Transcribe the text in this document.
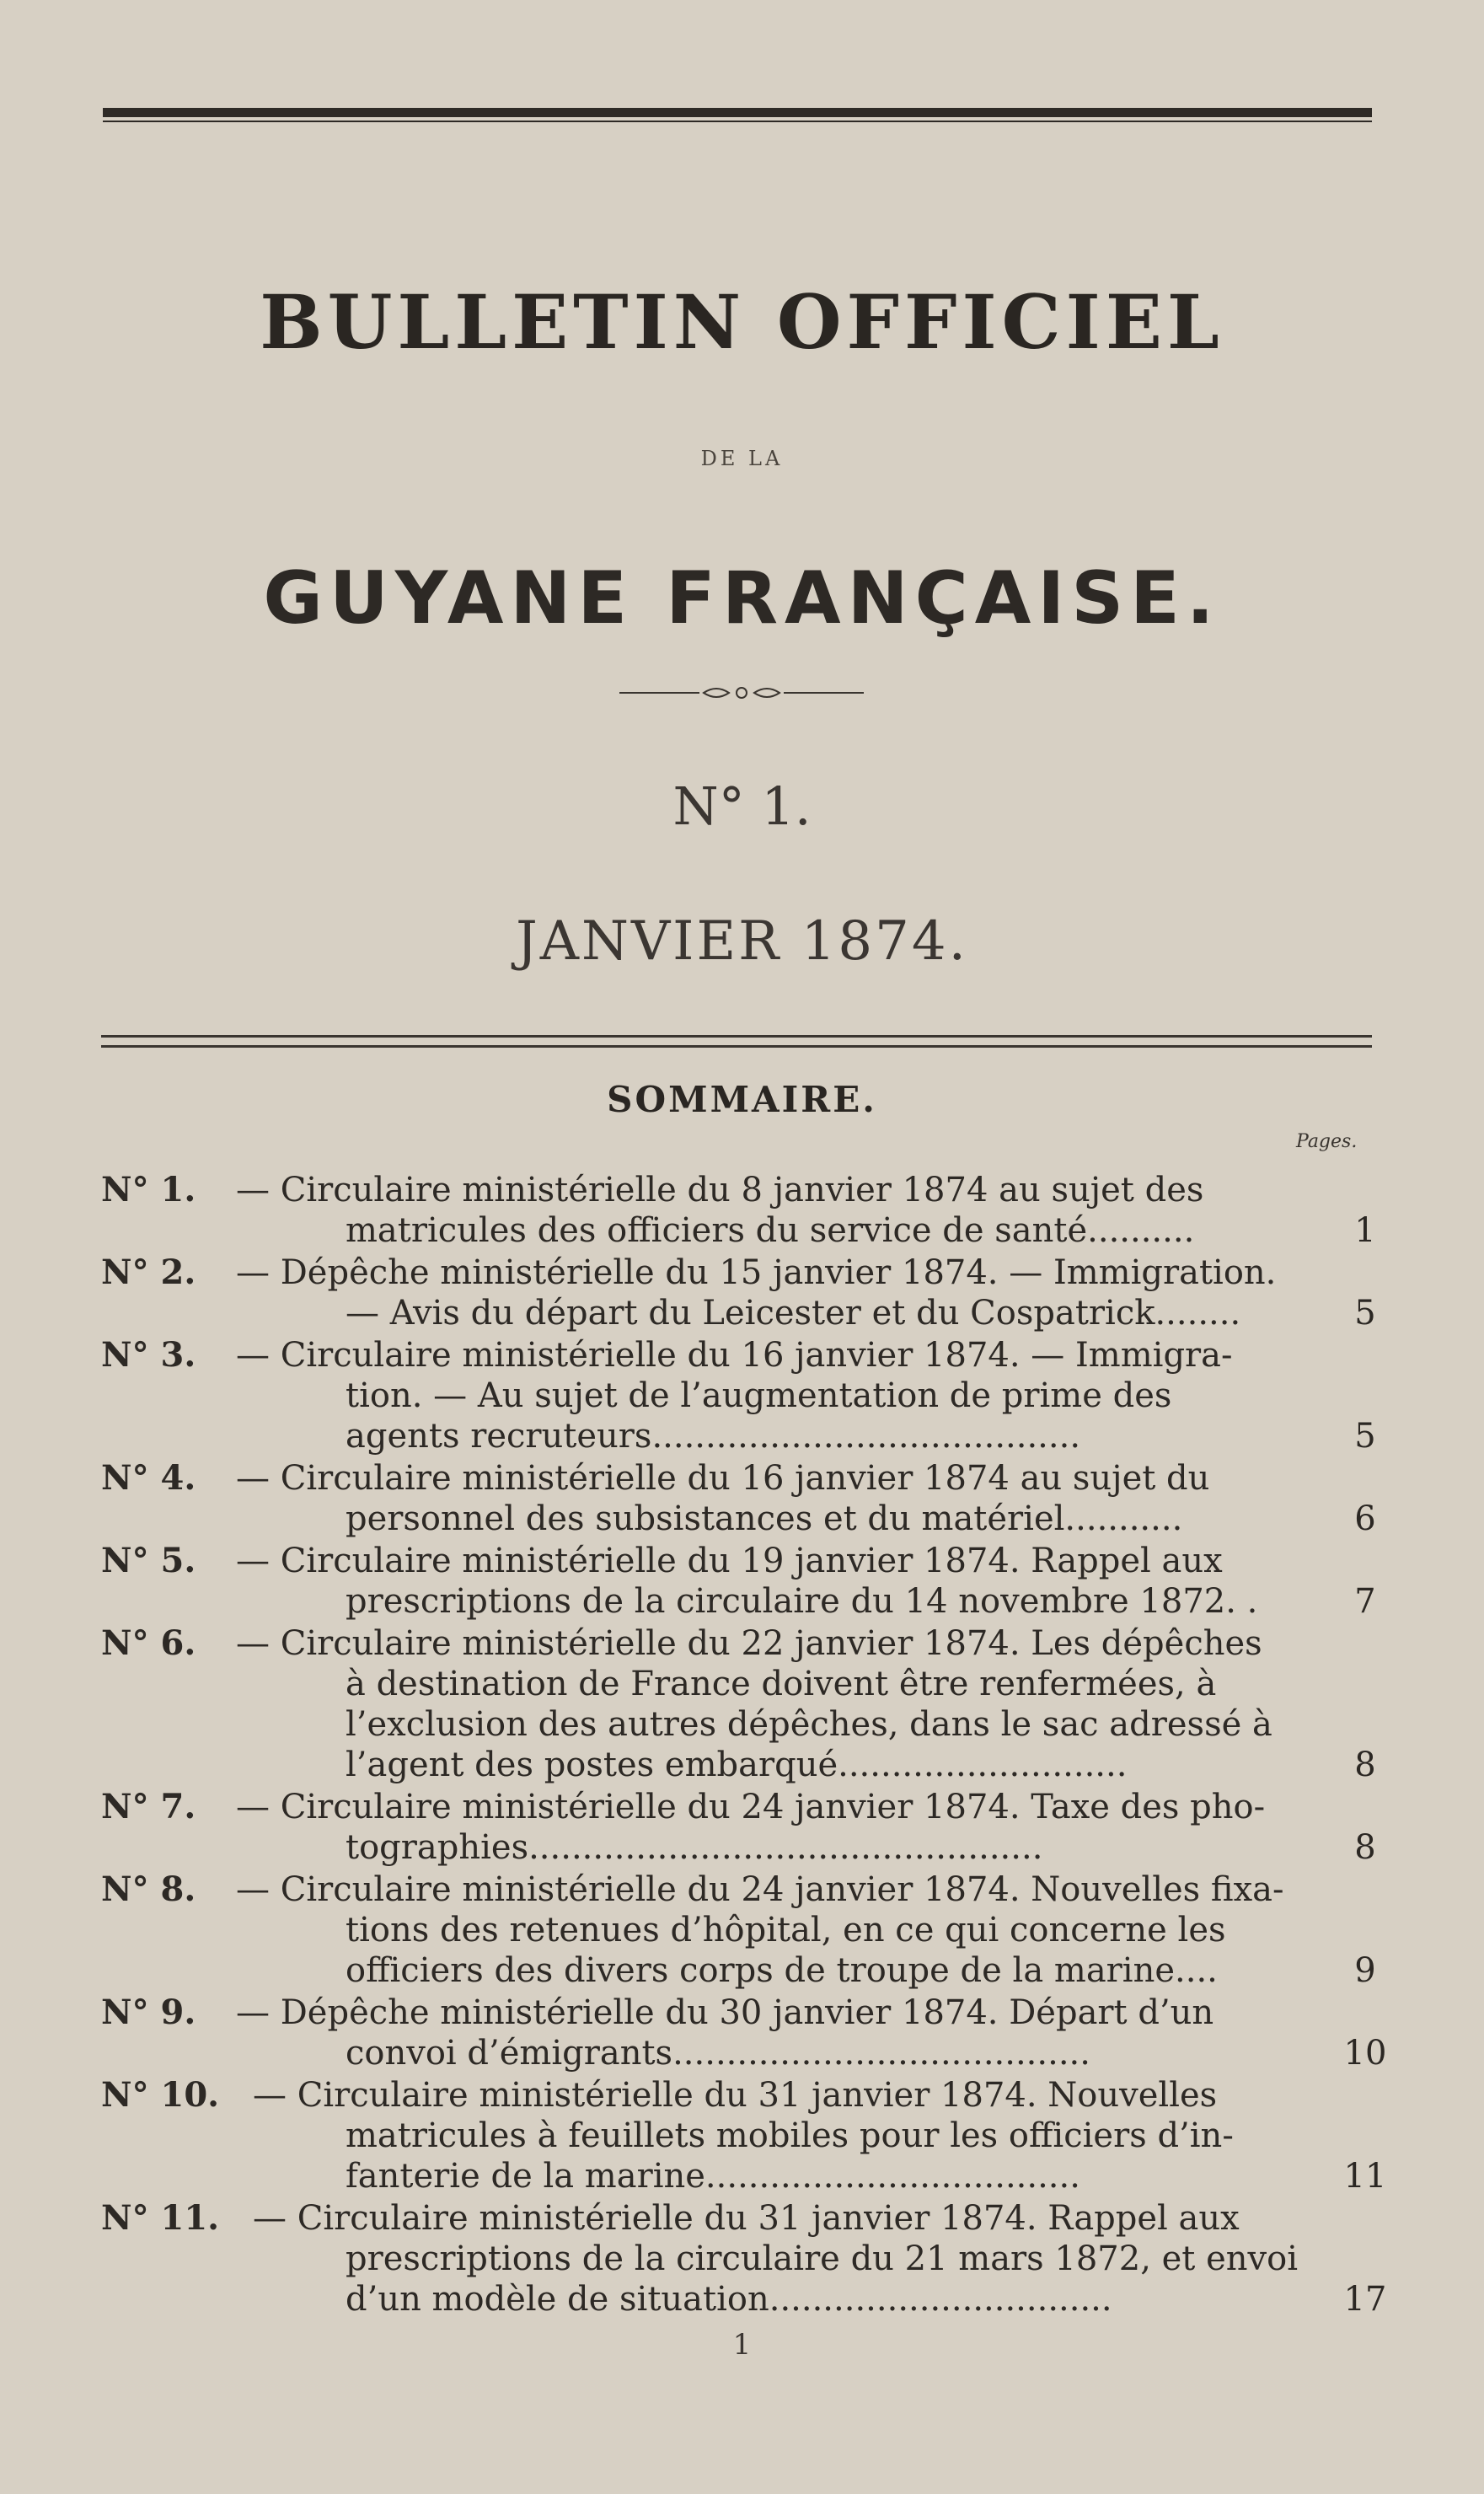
BULLETIN OFFICIEL
DE LA
GUYANE FRANÇAISE.
N° 1.
JANVIER 1874.
SOMMAIRE.
Pages.
N° 1. — Circulaire ministérielle du 8 janvier 1874 au sujet des
matricules des officiers du service de santé..........	1
N° 2. — Dépêche ministérielle du 15 janvier 1874. — Immigration.
— Avis du départ du Leicester et du Cospatrick........	5
N° 3. — Circulaire ministérielle du 16 janvier 1874. — Immigra-
tion. — Au sujet de l’augmentation de prime des
agents recruteurs........................................	5
N° 4. — Circulaire ministérielle du 16 janvier 1874 au sujet du
personnel des subsistances et du matériel...........	6
N° 5. — Circulaire ministérielle du 19 janvier 1874. Rappel aux
prescriptions de la circulaire du 14 novembre 1872. .	7
N° 6. — Circulaire ministérielle du 22 janvier 1874. Les dépêches
à destination de France doivent être renfermées, à
l’exclusion des autres dépêches, dans le sac adressé à
l’agent des postes embarqué...........................	8
N° 7. — Circulaire ministérielle du 24 janvier 1874. Taxe des pho-
tographies................................................	8
N° 8. — Circulaire ministérielle du 24 janvier 1874. Nouvelles fixa-
tions des retenues d’hôpital, en ce qui concerne les
officiers des divers corps de troupe de la marine....	9
N° 9. — Dépêche ministérielle du 30 janvier 1874. Départ d’un
convoi d’émigrants.......................................	10
N° 10. — Circulaire ministérielle du 31 janvier 1874. Nouvelles
matricules à feuillets mobiles pour les officiers d’in-
fanterie de la marine...................................	11
N° 11. — Circulaire ministérielle du 31 janvier 1874. Rappel aux
prescriptions de la circulaire du 21 mars 1872, et envoi
d’un modèle de situation................................	17
1
